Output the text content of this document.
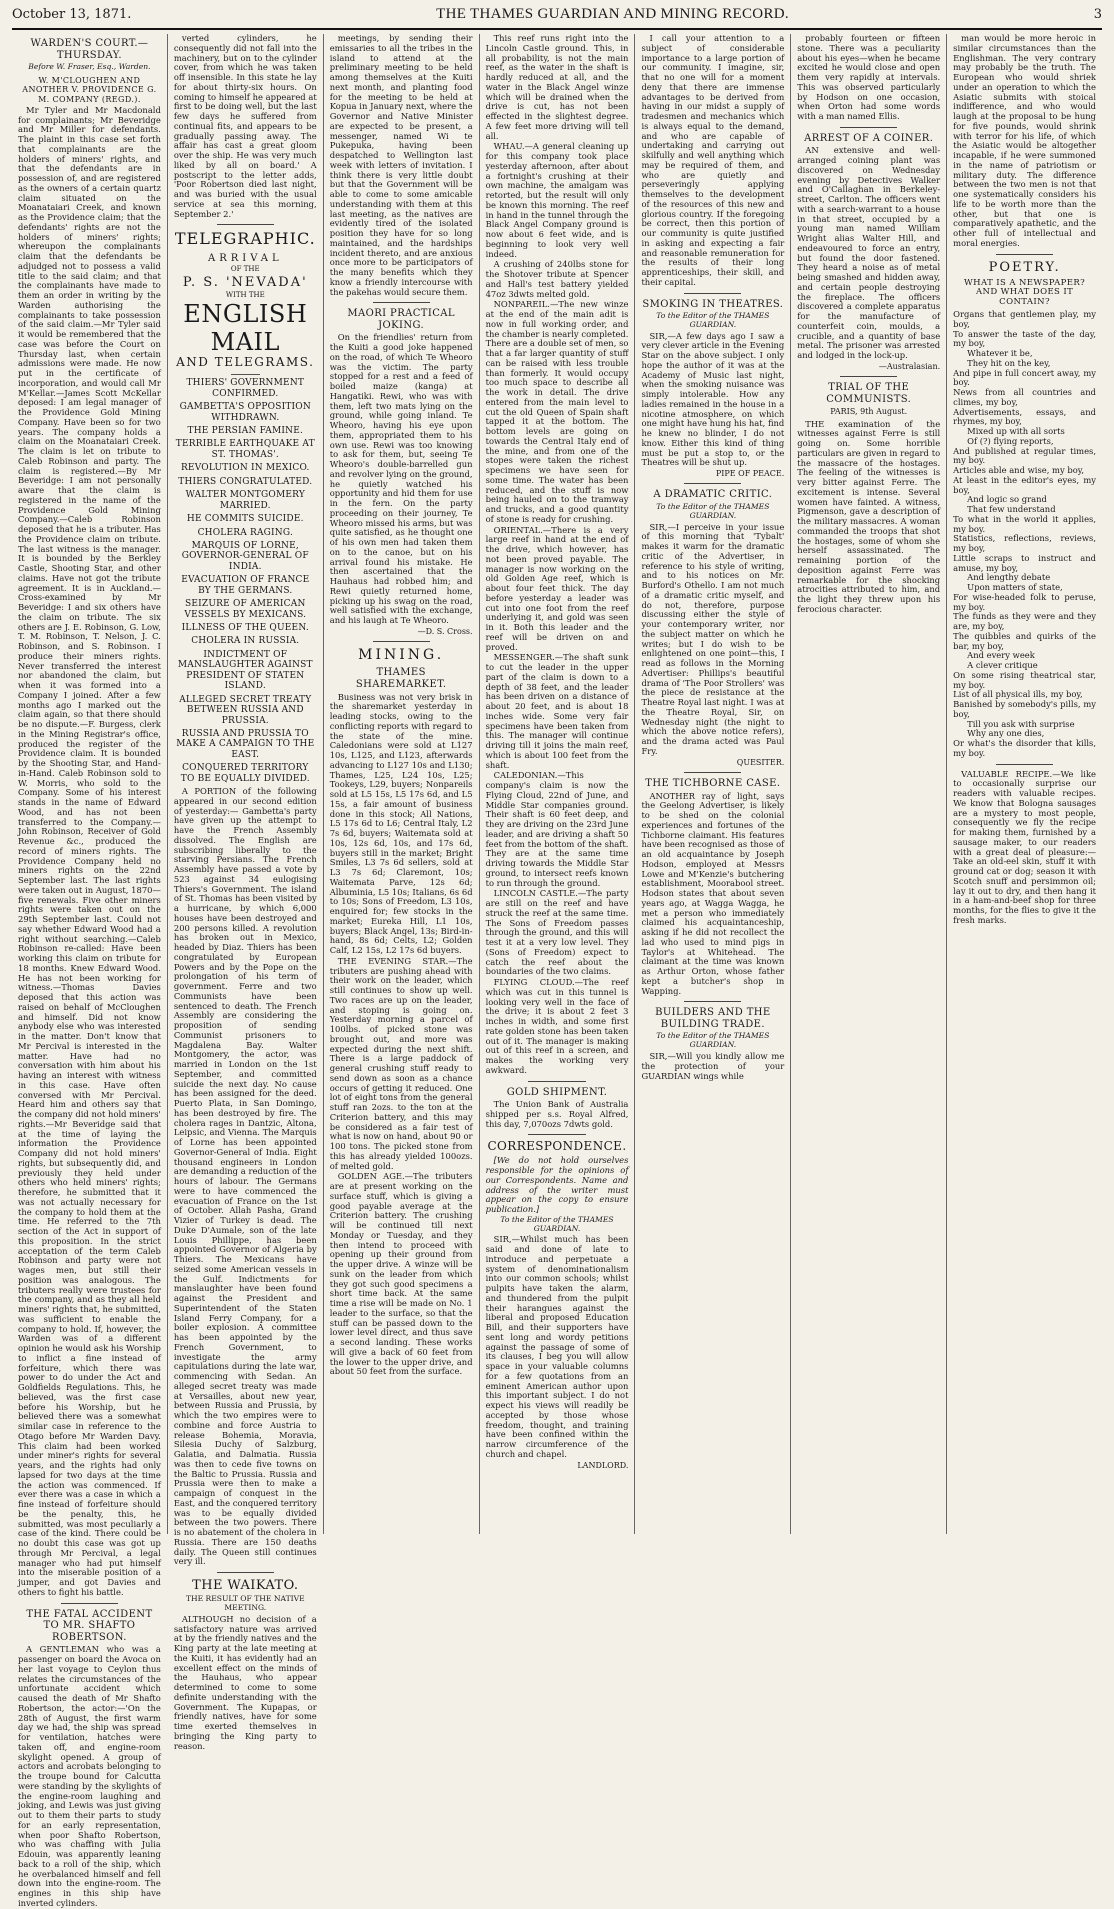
October 13, 1871.	THE THAMES GUARDIAN AND MINING RECORD.	3
WARDEN'S COURT.—THURSDAY.
Before W. Fraser, Esq., Warden.
W. M'CLOUGHEN AND ANOTHER V. PROVIDENCE G. M. COMPANY (REGD.).

Mr Tyler and Mr Macdonald for complainants; Mr Beveridge and Mr Miller for defendants. The plaint in this case set forth that complainants are the holders of miners' rights, and that the defendants are in possession of, and are registered as the owners of a certain quartz claim situated on the Moanataiari Creek, and known as the Providence claim; that the defendants' rights are not the holders of miners' rights; whereupon the complainants claim that the defendants be adjudged not to possess a valid title to the said claim; and that the complainants have made to them an order in writing by the Warden authorising the complainants to take possession of the said claim.—Mr Tyler said it would be remembered that the case was before the Court on Thursday last, when certain admissions were made. He now put in the certificate of incorporation, and would call Mr M'Kellar.—James Scott McKellar deposed: I am legal manager of the Providence Gold Mining Company. Have been so for two years. The company holds a claim on the Moanataiari Creek. The claim is let on tribute to Caleb Robinson and party. The claim is registered.—By Mr Beveridge: I am not personally aware that the claim is registered in the name of the Providence Gold Mining Company.—Caleb Robinson deposed that he is a tributer. Has the Providence claim on tribute. The last witness is the manager. It is bounded by the Berkley Castle, Shooting Star, and other claims. Have not got the tribute agreement. It is in Auckland.—Cross-examined by Mr Beveridge: I and six others have the claim on tribute. The six others are J. E. Robinson, G. Low, T. M. Robinson, T. Nelson, J. C. Robinson, and S. Robinson. I produce their miners rights. Never transferred the interest nor abandoned the claim, but when it was formed into a Company I joined. After a few months ago I marked out the claim again, so that there should be no dispute.—F. Burgess, clerk in the Mining Registrar's office, produced the register of the Providence claim. It is bounded by the Shooting Star, and Hand-in-Hand. Caleb Robinson sold to W. Morris, who sold to the Company. Some of his interest stands in the name of Edward Wood, and has not been transferred to the Company.—John Robinson, Receiver of Gold Revenue &c., produced the record of miners rights. The Providence Company held no miners rights on the 22nd September last. The last rights were taken out in August, 1870—five renewals. Five other miners rights were taken out on the 29th September last. Could not say whether Edward Wood had a right without searching.—Caleb Robinson re-called: Have been working this claim on tribute for 18 months. Knew Edward Wood. He has not been working for witness.—Thomas Davies deposed that this action was raised on behalf of McCloughen and himself. Did not know anybody else who was interested in the matter. Don't know that Mr Percival is interested in the matter. Have had no conversation with him about his having an interest with witness in this case. Have often conversed with Mr Percival. Heard him and others say that the company did not hold miners' rights.—Mr Beveridge said that at the time of laying the information the Providence Company did not hold miners' rights, but subsequently did, and previously they held under others who held miners' rights; therefore, he submitted that it was not actually necessary for the company to hold them at the time. He referred to the 7th section of the Act in support of this proposition. In the strict acceptation of the term Caleb Robinson and party were not wages men, but still their position was analogous. The tributers really were trustees for the company, and as they all held miners' rights that, he submitted, was sufficient to enable the company to hold. If, however, the Warden was of a different opinion he would ask his Worship to inflict a fine instead of forfeiture, which there was power to do under the Act and Goldfields Regulations. This, he believed, was the first case before his Worship, but he believed there was a somewhat similar case in reference to the Otago before Mr Warden Davy. This claim had been worked under miner's rights for several years, and the rights had only lapsed for two days at the time the action was commenced. If ever there was a case in which a fine instead of forfeiture should be the penalty, this, he submitted, was most peculiarly a case of the kind. There could be no doubt this case was got up through Mr Percival, a legal manager who had put himself into the miserable position of a jumper, and got Davies and others to fight his battle.

THE FATAL ACCIDENT TO MR. SHAFTO ROBERTSON.

A GENTLEMAN who was a passenger on board the Avoca on her last voyage to Ceylon thus relates the circumstances of the unfortunate accident which caused the death of Mr Shafto Robertson, the actor:—'On the 28th of August, the first warm day we had, the ship was spread for ventilation, hatches were taken off, and engine-room skylight opened. A group of actors and acrobats belonging to the troupe bound for Calcutta were standing by the skylights of the engine-room laughing and joking, and Lewis was just giving out to them their parts to study for an early representation, when poor Shafto Robertson, who was chaffing with Julia Edouin, was apparently leaning back to a roll of the ship, which he overbalanced himself and fell down into the engine-room. The engines in this ship have inverted cylinders.

verted cylinders, he consequently did not fall into the machinery, but on to the cylinder cover, from which he was taken off insensible. In this state he lay for about thirty-six hours. On coming to himself he appeared at first to be doing well, but the last few days he suffered from continual fits, and appears to be gradually passing away. The affair has cast a great gloom over the ship. He was very much liked by all on board.' A postscript to the letter adds, 'Poor Robertson died last night, and was buried with the usual service at sea this morning, September 2.'

TELEGRAPHIC.
ARRIVAL
OF THE
P. S. 'NEVADA'
WITH THE
ENGLISH MAIL
AND TELEGRAMS.
THIERS' GOVERNMENT CONFIRMED.
GAMBETTA'S OPPOSITION WITHDRAWN.
THE PERSIAN FAMINE.
TERRIBLE EARTHQUAKE AT ST. THOMAS'.
REVOLUTION IN MEXICO.
THIERS CONGRATULATED.
WALTER MONTGOMERY MARRIED.
HE COMMITS SUICIDE.
CHOLERA RAGING.
MARQUIS OF LORNE, GOVERNOR-GENERAL OF INDIA.
EVACUATION OF FRANCE BY THE GERMANS.
SEIZURE OF AMERICAN VESSELS BY MEXICANS.
ILLNESS OF THE QUEEN.
CHOLERA IN RUSSIA.
INDICTMENT OF MANSLAUGHTER AGAINST PRESIDENT OF STATEN ISLAND.
ALLEGED SECRET TREATY BETWEEN RUSSIA AND PRUSSIA.
RUSSIA AND PRUSSIA TO MAKE A CAMPAIGN TO THE EAST.
CONQUERED TERRITORY TO BE EQUALLY DIVIDED.

A PORTION of the following appeared in our second edition of yesterday:— Gambetta's party have given up the attempt to have the French Assembly dissolved. The English are subscribing liberally to the starving Persians. The French Assembly have passed a vote by 523 against 34 eulogising Thiers's Government. The island of St. Thomas has been visited by a hurricane, by which 6,000 houses have been destroyed and 200 persons killed. A revolution has broken out in Mexico, headed by Diaz. Thiers has been congratulated by European Powers and by the Pope on the prolongation of his term of government. Ferre and two Communists have been sentenced to death. The French Assembly are considering the proposition of sending Communist prisoners to Magdalena Bay. Walter Montgomery, the actor, was married in London on the 1st September, and committed suicide the next day. No cause has been assigned for the deed. Puerto Plata, in San Domingo, has been destroyed by fire. The cholera rages in Dantzic, Altona, Leipsic, and Vienna. The Marquis of Lorne has been appointed Governor-General of India. Eight thousand engineers in London are demanding a reduction of the hours of labour. The Germans were to have commenced the evacuation of France on the 1st of October. Allah Pasha, Grand Vizier of Turkey is dead. The Duke D'Aumale, son of the late Louis Phillippe, has been appointed Governor of Algeria by Thiers. The Mexicans have seized some American vessels in the Gulf. Indictments for manslaughter have been found against the President and Superintendent of the Staten Island Ferry Company, for a boiler explosion. A committee has been appointed by the French Government, to investigate the army capitulations during the late war, commencing with Sedan. An alleged secret treaty was made at Versailles, about new year, between Russia and Prussia, by which the two empires were to combine and force Austria to release Bohemia, Moravia, Silesia Duchy of Salzburg, Galatia, and Dalmatia. Russia was then to cede five towns on the Baltic to Prussia. Russia and Prussia were then to make a campaign of conquest in the East, and the conquered territory was to be equally divided between the two powers. There is no abatement of the cholera in Russia. There are 150 deaths daily. The Queen still continues very ill.

THE WAIKATO.
THE RESULT OF THE NATIVE MEETING.

ALTHOUGH no decision of a satisfactory nature was arrived at by the friendly natives and the King party at the late meeting at the Kuiti, it has evidently had an excellent effect on the minds of the Hauhaus, who appear determined to come to some definite understanding with the Government. The Kupapas, or friendly natives, have for some time exerted themselves in bringing the King party to reason.

meetings, by sending their emissaries to all the tribes in the island to attend at the preliminary meeting to be held among themselves at the Kuiti next month, and planting food for the meeting to be held at Kopua in January next, where the Governor and Native Minister are expected to be present, a messenger, named Wi te Pukepuka, having been despatched to Wellington last week with letters of invitation. I think there is very little doubt but that the Government will be able to come to some amicable understanding with them at this last meeting, as the natives are evidently tired of the isolated position they have for so long maintained, and the hardships incident thereto, and are anxious once more to be participators of the many benefits which they know a friendly intercourse with the pakehas would secure them.

MAORI PRACTICAL JOKING.

On the friendlies' return from the Kuiti a good joke happened on the road, of which Te Wheoro was the victim. The party stopped for a rest and a feed of boiled maize (kanga) at Hangatiki. Rewi, who was with them, left two mats lying on the ground, while going inland. Te Wheoro, having his eye upon them, appropriated them to his own use. Rewi was too knowing to ask for them, but, seeing Te Wheoro's double-barrelled gun and revolver lying on the ground, he quietly watched his opportunity and hid them for use in the fern. On the party proceeding on their journey, Te Wheoro missed his arms, but was quite satisfied, as he thought one of his own men had taken them on to the canoe, but on his arrival found his mistake. He then ascertained that the Hauhaus had robbed him; and Rewi quietly returned home, picking up his swag on the road, well satisfied with the exchange, and his laugh at Te Wheoro.

—D. S. Cross.
MINING.
THAMES SHAREMARKET.

Business was not very brisk in the sharemarket yesterday in leading stocks, owing to the conflicting reports with regard to the state of the mine. Caledonians were sold at L127 10s, L125, and L123, afterwards advancing to L127 10s and L130; Thames, L25, L24 10s, L25; Tookeys, L29, buyers; Nonpareils sold at L5 15s, L5 17s 6d, and L5 15s, a fair amount of business done in this stock; All Nations, L5 17s 6d to L6; Central Italy, L2 7s 6d, buyers; Waitemata sold at 10s, 12s 6d, 10s, and 17s 6d, buyers still in the market; Bright Smiles, L3 7s 6d sellers, sold at L3 7s 6d; Claremont, 10s; Waitemata Parve, 12s 6d; Albuminia, L5 10s; Italians, 6s 6d to 10s; Sons of Freedom, L3 10s, enquired for; few stocks in the market; Eureka Hill, L1 10s, buyers; Black Angel, 13s; Bird-in-hand, 8s 6d; Celts, L2; Golden Calf, L2 15s, L2 17s 6d buyers.

THE EVENING STAR.—The tributers are pushing ahead with their work on the leader, which still continues to show up well. Two races are up on the leader, and stoping is going on. Yesterday morning a parcel of 100lbs. of picked stone was brought out, and more was expected during the next shift. There is a large paddock of general crushing stuff ready to send down as soon as a chance occurs of getting it reduced. One lot of eight tons from the general stuff ran 2ozs. to the ton at the Criterion battery, and this may be considered as a fair test of what is now on hand, about 90 or 100 tons. The picked stone from this has already yielded 100ozs. of melted gold.

GOLDEN AGE.—The tributers are at present working on the surface stuff, which is giving a good payable average at the Criterion battery. The crushing will be continued till next Monday or Tuesday, and they then intend to proceed with opening up their ground from the upper drive. A winze will be sunk on the leader from which they got such good specimens a short time back. At the same time a rise will be made on No. 1 leader to the surface, so that the stuff can be passed down to the lower level direct, and thus save a second landing. These works will give a back of 60 feet from the lower to the upper drive, and about 50 feet from the surface.

This reef runs right into the Lincoln Castle ground. This, in all probability, is not the main reef, as the water in the shaft is hardly reduced at all, and the water in the Black Angel winze which will be drained when the drive is cut, has not been effected in the slightest degree. A few feet more driving will tell all.

WHAU.—A general cleaning up for this company took place yesterday afternoon, after about a fortnight's crushing at their own machine, the amalgam was retorted, but the result will only be known this morning. The reef in hand in the tunnel through the Black Angel Company ground is now about 6 feet wide, and is beginning to look very well indeed.

A crushing of 240lbs stone for the Shotover tribute at Spencer and Hall's test battery yielded 47oz 3dwts melted gold.

NONPAREIL.—The new winze at the end of the main adit is now in full working order, and the chamber is nearly completed. There are a double set of men, so that a far larger quantity of stuff can be raised with less trouble than formerly. It would occupy too much space to describe all the work in detail. The drive entered from the main level to cut the old Queen of Spain shaft tapped it at the bottom. The bottom levels are going on towards the Central Italy end of the mine, and from one of the stopes were taken the richest specimens we have seen for some time. The water has been reduced, and the stuff is now being hauled on to the tramway and trucks, and a good quantity of stone is ready for crushing.

ORIENTAL.—There is a very large reef in hand at the end of the drive, which however, has not been proved payable. The manager is now working on the old Golden Age reef, which is about four feet thick. The day before yesterday a leader was cut into one foot from the reef underlying it, and gold was seen in it. Both this leader and the reef will be driven on and proved.

MESSENGER.—The shaft sunk to cut the leader in the upper part of the claim is down to a depth of 38 feet, and the leader has been driven on a distance of about 20 feet, and is about 18 inches wide. Some very fair specimens have been taken from this. The manager will continue driving till it joins the main reef, which is about 100 feet from the shaft.

CALEDONIAN.—This company's claim is now the Flying Cloud, 22nd of June, and Middle Star companies ground. Their shaft is 60 feet deep, and they are driving on the 23rd June leader, and are driving a shaft 50 feet from the bottom of the shaft. They are at the same time driving towards the Middle Star ground, to intersect reefs known to run through the ground.

LINCOLN CASTLE.—The party are still on the reef and have struck the reef at the same time. The Sons of Freedom passes through the ground, and this will test it at a very low level. They (Sons of Freedom) expect to catch the reef about the boundaries of the two claims.

FLYING CLOUD.—The reef which was cut in this tunnel is looking very well in the face of the drive; it is about 2 feet 3 inches in width, and some first rate golden stone has been taken out of it. The manager is making out of this reef in a screen, and makes the working very awkward.

GOLD SHIPMENT.

The Union Bank of Australia shipped per s.s. Royal Alfred, this day, 7,070ozs 7dwts gold.

CORRESPONDENCE.

[We do not hold ourselves responsible for the opinions of our Correspondents. Name and address of the writer must appear on the copy to ensure publication.]

To the Editor of the THAMES GUARDIAN.

SIR,—Whilst much has been said and done of late to introduce and perpetuate a system of denominationalism into our common schools; whilst pulpits have taken the alarm, and thundered from the pulpit their harangues against the liberal and proposed Education Bill, and their supporters have sent long and wordy petitions against the passage of some of its clauses, I beg you will allow space in your valuable columns for a few quotations from an eminent American author upon this important subject. I do not expect his views will readily be accepted by those whose freedom, thought, and training have been confined within the narrow circumference of the church and chapel.

LANDLORD.

I call your attention to a subject of considerable importance to a large portion of our community. I imagine, sir, that no one will for a moment deny that there are immense advantages to be derived from having in our midst a supply of tradesmen and mechanics which is always equal to the demand, and who are capable of undertaking and carrying out skilfully and well anything which may be required of them, and who are quietly and perseveringly applying themselves to the development of the resources of this new and glorious country. If the foregoing be correct, then this portion of our community is quite justified in asking and expecting a fair and reasonable remuneration for the results of their long apprenticeships, their skill, and their capital.

SMOKING IN THEATRES.
To the Editor of the THAMES GUARDIAN.

SIR,—A few days ago I saw a very clever article in the Evening Star on the above subject. I only hope the author of it was at the Academy of Music last night, when the smoking nuisance was simply intolerable. How any ladies remained in the house in a nicotine atmosphere, on which one might have hung his hat, find he knew no blinder, I do not know. Either this kind of thing must be put a stop to, or the Theatres will be shut up.

PIPE OF PEACE.
A DRAMATIC CRITIC.
To the Editor of the THAMES GUARDIAN.

SIR,—I perceive in your issue of this morning that 'Tybalt' makes it warm for the dramatic critic of the Advertiser, in reference to his style of writing, and to his notices on Mr. Burford's Othello. I am not much of a dramatic critic myself, and do not, therefore, purpose discussing either the style of your contemporary writer, nor the subject matter on which he writes; but I do wish to be enlightened on one point—this, I read as follows in the Morning Advertiser: Phillips's beautiful drama of 'The Poor Strollers' was the piece de resistance at the Theatre Royal last night. I was at the Theatre Royal, Sir, on Wednesday night (the night to which the above notice refers), and the drama acted was Paul Fry.

QUESITER.
THE TICHBORNE CASE.

ANOTHER ray of light, says the Geelong Advertiser, is likely to be shed on the colonial experiences and fortunes of the Tichborne claimant. His features have been recognised as those of an old acquaintance by Joseph Hodson, employed at Messrs Lowe and M'Kenzie's butchering establishment, Moorabool street. Hodson states that about seven years ago, at Wagga Wagga, he met a person who immediately claimed his acquaintanceship, asking if he did not recollect the lad who used to mind pigs in Taylor's at Whitehead. The claimant at the time was known as Arthur Orton, whose father kept a butcher's shop in Wapping.

BUILDERS AND THE BUILDING TRADE.
To the Editor of the THAMES GUARDIAN.

SIR,—Will you kindly allow me the protection of your GUARDIAN wings while

probably fourteen or fifteen stone. There was a peculiarity about his eyes—when he became excited he would close and open them very rapidly at intervals. This was observed particularly by Hodson on one occasion, when Orton had some words with a man named Ellis.

ARREST OF A COINER.

AN extensive and well-arranged coining plant was discovered on Wednesday evening by Detectives Walker and O'Callaghan in Berkeley-street, Carlton. The officers went with a search-warrant to a house in that street, occupied by a young man named William Wright alias Walter Hill, and endeavoured to force an entry, but found the door fastened. They heard a noise as of metal being smashed and hidden away, and certain people destroying the fireplace. The officers discovered a complete apparatus for the manufacture of counterfeit coin, moulds, a crucible, and a quantity of base metal. The prisoner was arrested and lodged in the lock-up.

—Australasian.
TRIAL OF THE COMMUNISTS.
PARIS, 9th August.

THE examination of the witnesses against Ferre is still going on. Some horrible particulars are given in regard to the massacre of the hostages. The feeling of the witnesses is very bitter against Ferre. The excitement is intense. Several women have fainted. A witness, Pigmenson, gave a description of the military massacres. A woman commanded the troops that shot the hostages, some of whom she herself assassinated. The remaining portion of the deposition against Ferre was remarkable for the shocking atrocities attributed to him, and the light they threw upon his ferocious character.

man would be more heroic in similar circumstances than the Englishman. The very contrary may probably be the truth. The European who would shriek under an operation to which the Asiatic submits with stoical indifference, and who would laugh at the proposal to be hung for five pounds, would shrink with terror for his life, of which the Asiatic would be altogether incapable, if he were summoned in the name of patriotism or military duty. The difference between the two men is not that one systematically considers his life to be worth more than the other, but that one is comparatively apathetic, and the other full of intellectual and moral energies.

POETRY.
WHAT IS A NEWSPAPER? AND WHAT DOES IT CONTAIN?

Organs that gentlemen play, my boy,

To answer the taste of the day, my boy,

Whatever it be,

They hit on the key,

And pipe in full concert away, my boy.

News from all countries and climes, my boy,

Advertisements, essays, and rhymes, my boy,

Mixed up with all sorts

Of (?) flying reports,

And published at regular times, my boy.

Articles able and wise, my boy,

At least in the editor's eyes, my boy,

And logic so grand

That few understand

To what in the world it applies, my boy.

Statistics, reflections, reviews, my boy,

Little scraps to instruct and amuse, my boy,

And lengthy debate

Upon matters of state,

For wise-headed folk to peruse, my boy.

The funds as they were and they are, my boy,

The quibbles and quirks of the bar, my boy,

And every week

A clever critique

On some rising theatrical star, my boy.

List of all physical ills, my boy,

Banished by somebody's pills, my boy,

Till you ask with surprise

Why any one dies,

Or what's the disorder that kills, my boy.

VALUABLE RECIPE.—We like to occasionally surprise our readers with valuable recipes. We know that Bologna sausages are a mystery to most people, consequently we fly the recipe for making them, furnished by a sausage maker, to our readers with a great deal of pleasure:—Take an old-eel skin, stuff it with ground cat or dog; season it with Scotch snuff and persimmon oil; lay it out to dry, and then hang it in a ham-and-beef shop for three months, for the flies to give it the fresh marks.
